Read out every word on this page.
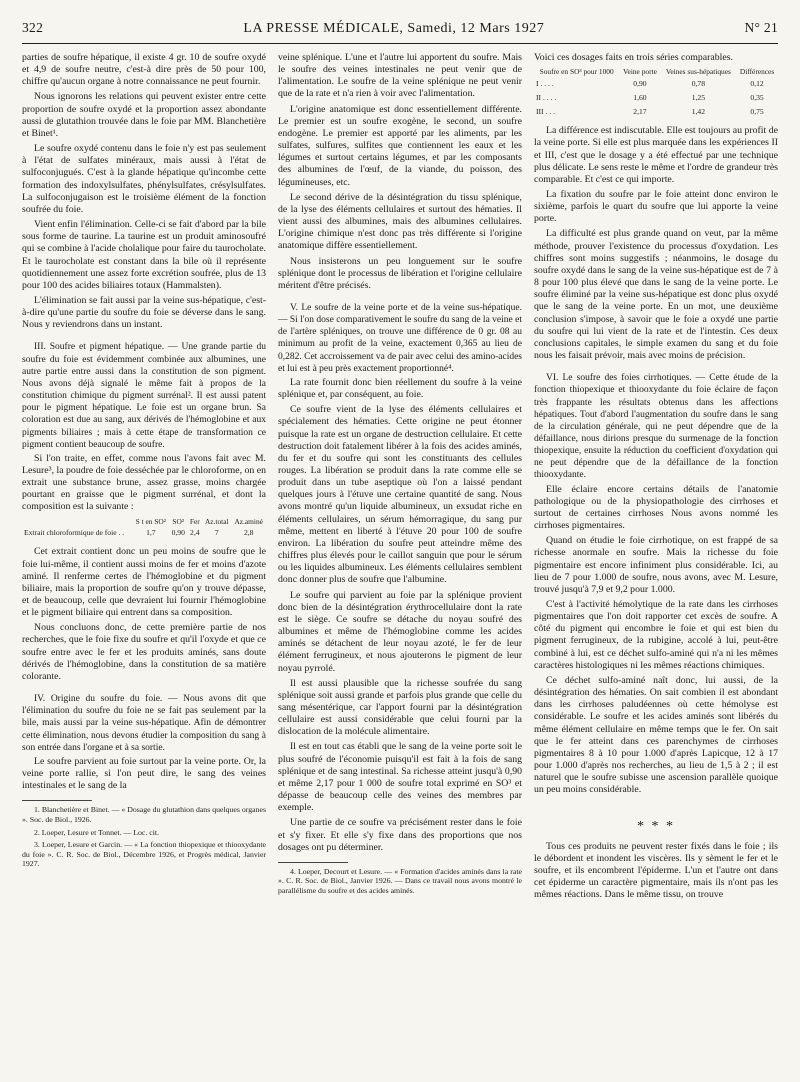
322	LA PRESSE MÉDICALE, Samedi, 12 Mars 1927	N° 21

parties de soufre hépatique, il existe 4 gr. 10 de soufre oxydé et 4,9 de soufre neutre, c'est-à dire près de 50 pour 100, chiffre qu'aucun organe à notre connaissance ne peut fournir.

Nous ignorons les relations qui peuvent exister entre cette proportion de soufre oxydé et la proportion assez abondante aussi de glutathion trouvée dans le foie par MM. Blanchetière et Binet¹.

Le soufre oxydé contenu dans le foie n'y est pas seulement à l'état de sulfates minéraux, mais aussi à l'état de sulfoconjugués. C'est à la glande hépatique qu'incombe cette formation des indoxylsulfates, phénylsulfates, crésylsulfates. La sulfoconjugaison est le troisième élément de la fonction soufrée du foie.

Vient enfin l'élimination. Celle-ci se fait d'abord par la bile sous forme de taurine. La taurine est un produit aminosoufré qui se combine à l'acide cholalique pour faire du taurocholate. Et le taurocholate est constant dans la bile où il représente quotidiennement une assez forte excrétion soufrée, plus de 13 pour 100 des acides biliaires totaux (Hammalsten).

L'élimination se fait aussi par la veine sus-hépatique, c'est-à-dire qu'une partie du soufre du foie se déverse dans le sang. Nous y reviendrons dans un instant.

III. Soufre et pigment hépatique. — Une grande partie du soufre du foie est évidemment combinée aux albumines, une autre partie entre aussi dans la constitution de son pigment. Nous avons déjà signalé le même fait à propos de la constitution chimique du pigment surrénal². Il est aussi patent pour le pigment hépatique. Le foie est un organe brun. Sa coloration est due au sang, aux dérivés de l'hémoglobine et aux pigments biliaires ; mais à cette étape de transformation ce pigment contient beaucoup de soufre.

Si l'on traite, en effet, comme nous l'avons fait avec M. Lesure³, la poudre de foie desséchée par le chloroforme, on en extrait une substance brune, assez grasse, moins chargée pourtant en graisse que le pigment surrénal, et dont la composition est la suivante :

	S t en SO²	SO²	Fer	Az.total	Az.aminé
Extrait chloroformique de foie . .	1,7	0,90	2,4	7	2,8

Cet extrait contient donc un peu moins de soufre que le foie lui-même, il contient aussi moins de fer et moins d'azote aminé. Il renferme certes de l'hémoglobine et du pigment biliaire, mais la proportion de soufre qu'on y trouve dépasse, et de beaucoup, celle que devraient lui fournir l'hémoglobine et le pigment biliaire qui entrent dans sa composition.

Nous concluons donc, de cette première partie de nos recherches, que le foie fixe du soufre et qu'il l'oxyde et que ce soufre entre avec le fer et les produits aminés, sans doute dérivés de l'hémoglobine, dans la constitution de sa matière colorante.

IV. Origine du soufre du foie. — Nous avons dit que l'élimination du soufre du foie ne se fait pas seulement par la bile, mais aussi par la veine sus-hépatique. Afin de démontrer cette élimination, nous devons étudier la composition du sang à son entrée dans l'organe et à sa sortie.

Le soufre parvient au foie surtout par la veine porte. Or, la veine porte rallie, si l'on peut dire, le sang des veines intestinales et le sang de la

1. Blanchetière et Binet. — « Dosage du glutathion dans quelques organes ». Soc. de Biol., 1926.

2. Loeper, Lesure et Tonnet. — Loc. cit.

3. Loeper, Lesure et Garcin. — « La fonction thiopexique et thiooxydante du foie ». C. R. Soc. de Biol., Décembre 1926, et Progrès médical, Janvier 1927.

veine splénique. L'une et l'autre lui apportent du soufre. Mais le soufre des veines intestinales ne peut venir que de l'alimentation. Le soufre de la veine splénique ne peut venir que de la rate et n'a rien à voir avec l'alimentation.

L'origine anatomique est donc essentiellement différente. Le premier est un soufre exogène, le second, un soufre endogène. Le premier est apporté par les aliments, par les sulfates, sulfures, sulfites que contiennent les eaux et les légumes et surtout certains légumes, et par les composants des albumines de l'œuf, de la viande, du poisson, des légumineuses, etc.

Le second dérive de la désintégration du tissu splénique, de la lyse des éléments cellulaires et surtout des hématies. Il vient aussi des albumines, mais des albumines cellulaires. L'origine chimique n'est donc pas très différente si l'origine anatomique diffère essentiellement.

Nous insisterons un peu longuement sur le soufre splénique dont le processus de libération et l'origine cellulaire méritent d'être précisés.

V. Le soufre de la veine porte et de la veine sus-hépatique. — Si l'on dose comparativement le soufre du sang de la veine et de l'artère spléniques, on trouve une différence de 0 gr. 08 au minimum au profit de la veine, exactement 0,365 au lieu de 0,282. Cet accroissement va de pair avec celui des amino-acides et lui est à peu près exactement proportionné⁴.

La rate fournit donc bien réellement du soufre à la veine splénique et, par conséquent, au foie.

Ce soufre vient de la lyse des éléments cellulaires et spécialement des hématies. Cette origine ne peut étonner puisque la rate est un organe de destruction cellulaire. Et cette destruction doit fatalement libérer à la fois des acides aminés, du fer et du soufre qui sont les constituants des cellules rouges. La libération se produit dans la rate comme elle se produit dans un tube aseptique où l'on a laissé pendant quelques jours à l'étuve une certaine quantité de sang. Nous avons montré qu'un liquide albumineux, un exsudat riche en éléments cellulaires, un sérum hémorragique, du sang pur même, mettent en liberté à l'étuve 20 pour 100 de soufre environ. La libération du soufre peut atteindre même des chiffres plus élevés pour le caillot sanguin que pour le sérum ou les liquides albumineux. Les éléments cellulaires semblent donc donner plus de soufre que l'albumine.

Le soufre qui parvient au foie par la splénique provient donc bien de la désintégration érythrocellulaire dont la rate est le siège. Ce soufre se détache du noyau soufré des albumines et même de l'hémoglobine comme les acides aminés se détachent de leur noyau azoté, le fer de leur élément ferrugineux, et nous ajouterons le pigment de leur noyau pyrrolé.

Il est aussi plausible que la richesse soufrée du sang splénique soit aussi grande et parfois plus grande que celle du sang mésentérique, car l'apport fourni par la désintégration cellulaire est aussi considérable que celui fourni par la dislocation de la molécule alimentaire.

Il est en tout cas établi que le sang de la veine porte soit le plus soufré de l'économie puisqu'il est fait à la fois de sang splénique et de sang intestinal. Sa richesse atteint jusqu'à 0,90 et même 2,17 pour 1 000 de soufre total exprimé en SO³ et dépasse de beaucoup celle des veines des membres par exemple.

Une partie de ce soufre va précisément rester dans le foie et s'y fixer. Et elle s'y fixe dans des proportions que nos dosages ont pu déterminer.

4. Loeper, Decourt et Lesure. — « Formation d'acides aminés dans la rate ». C. R. Soc. de Biol., Janvier 1926. — Dans ce travail nous avons montré le parallélisme du soufre et des acides aminés.

Voici ces dosages faits en trois séries comparables.

Soufre en SO³ pour 1000	Veine porte	Veines sus-hépatiques	Différences
I . . . .	0,90	0,78	0,12
II . . . .	1,60	1,25	0,35
III . . .	2,17	1,42	0,75

La différence est indiscutable. Elle est toujours au profit de la veine porte. Si elle est plus marquée dans les expériences II et III, c'est que le dosage y a été effectué par une technique plus délicate. Le sens reste le même et l'ordre de grandeur très comparable. Et c'est ce qui importe.

La fixation du soufre par le foie atteint donc environ le sixième, parfois le quart du soufre que lui apporte la veine porte.

La difficulté est plus grande quand on veut, par la même méthode, prouver l'existence du processus d'oxydation. Les chiffres sont moins suggestifs ; néanmoins, le dosage du soufre oxydé dans le sang de la veine sus-hépatique est de 7 à 8 pour 100 plus élevé que dans le sang de la veine porte. Le soufre éliminé par la veine sus-hépatique est donc plus oxydé que le sang de la veine porte. En un mot, une deuxième conclusion s'impose, à savoir que le foie a oxydé une partie du soufre qui lui vient de la rate et de l'intestin. Ces deux conclusions capitales, le simple examen du sang et du foie nous les faisait prévoir, mais avec moins de précision.

VI. Le soufre des foies cirrhotiques. — Cette étude de la fonction thiopexique et thiooxydante du foie éclaire de façon très frappante les résultats obtenus dans les affections hépatiques. Tout d'abord l'augmentation du soufre dans le sang de la circulation générale, qui ne peut dépendre que de la défaillance, nous dirions presque du surmenage de la fonction thiopexique, ensuite la réduction du coefficient d'oxydation qui ne peut dépendre que de la défaillance de la fonction thiooxydante.

Elle éclaire encore certains détails de l'anatomie pathologique ou de la physiopathologie des cirrhoses et surtout de certaines cirrhoses Nous avons nommé les cirrhoses pigmentaires.

Quand on étudie le foie cirrhotique, on est frappé de sa richesse anormale en soufre. Mais la richesse du foie pigmentaire est encore infiniment plus considérable. Ici, au lieu de 7 pour 1.000 de soufre, nous avons, avec M. Lesure, trouvé jusqu'à 7,9 et 9,2 pour 1.000.

C'est à l'activité hémolytique de la rate dans les cirrhoses pigmentaires que l'on doit rapporter cet excès de soufre. A côté du pigment qui encombre le foie et qui est bien du pigment ferrugineux, de la rubigine, accolé à lui, peut-être combiné à lui, est ce déchet sulfo-aminé qui n'a ni les mêmes caractères histologiques ni les mêmes réactions chimiques.

Ce déchet sulfo-aminé naît donc, lui aussi, de la désintégration des hématies. On sait combien il est abondant dans les cirrhoses paludéennes où cette hémolyse est considérable. Le soufre et les acides aminés sont libérés du même élément cellulaire en même temps que le fer. On sait que le fer atteint dans ces parenchymes de cirrhoses pigmentaires 8 à 10 pour 1.000 d'après Lapicque, 12 à 17 pour 1.000 d'après nos recherches, au lieu de 1,5 à 2 ; il est naturel que le soufre subisse une ascension parallèle quoique un peu moins considérable.

* * *

Tous ces produits ne peuvent rester fixés dans le foie ; ils le débordent et inondent les viscères. Ils y sèment le fer et le soufre, et ils encombrent l'épiderme. L'un et l'autre ont dans cet épiderme un caractère pigmentaire, mais ils n'ont pas les mêmes réactions. Dans le même tissu, on trouve
